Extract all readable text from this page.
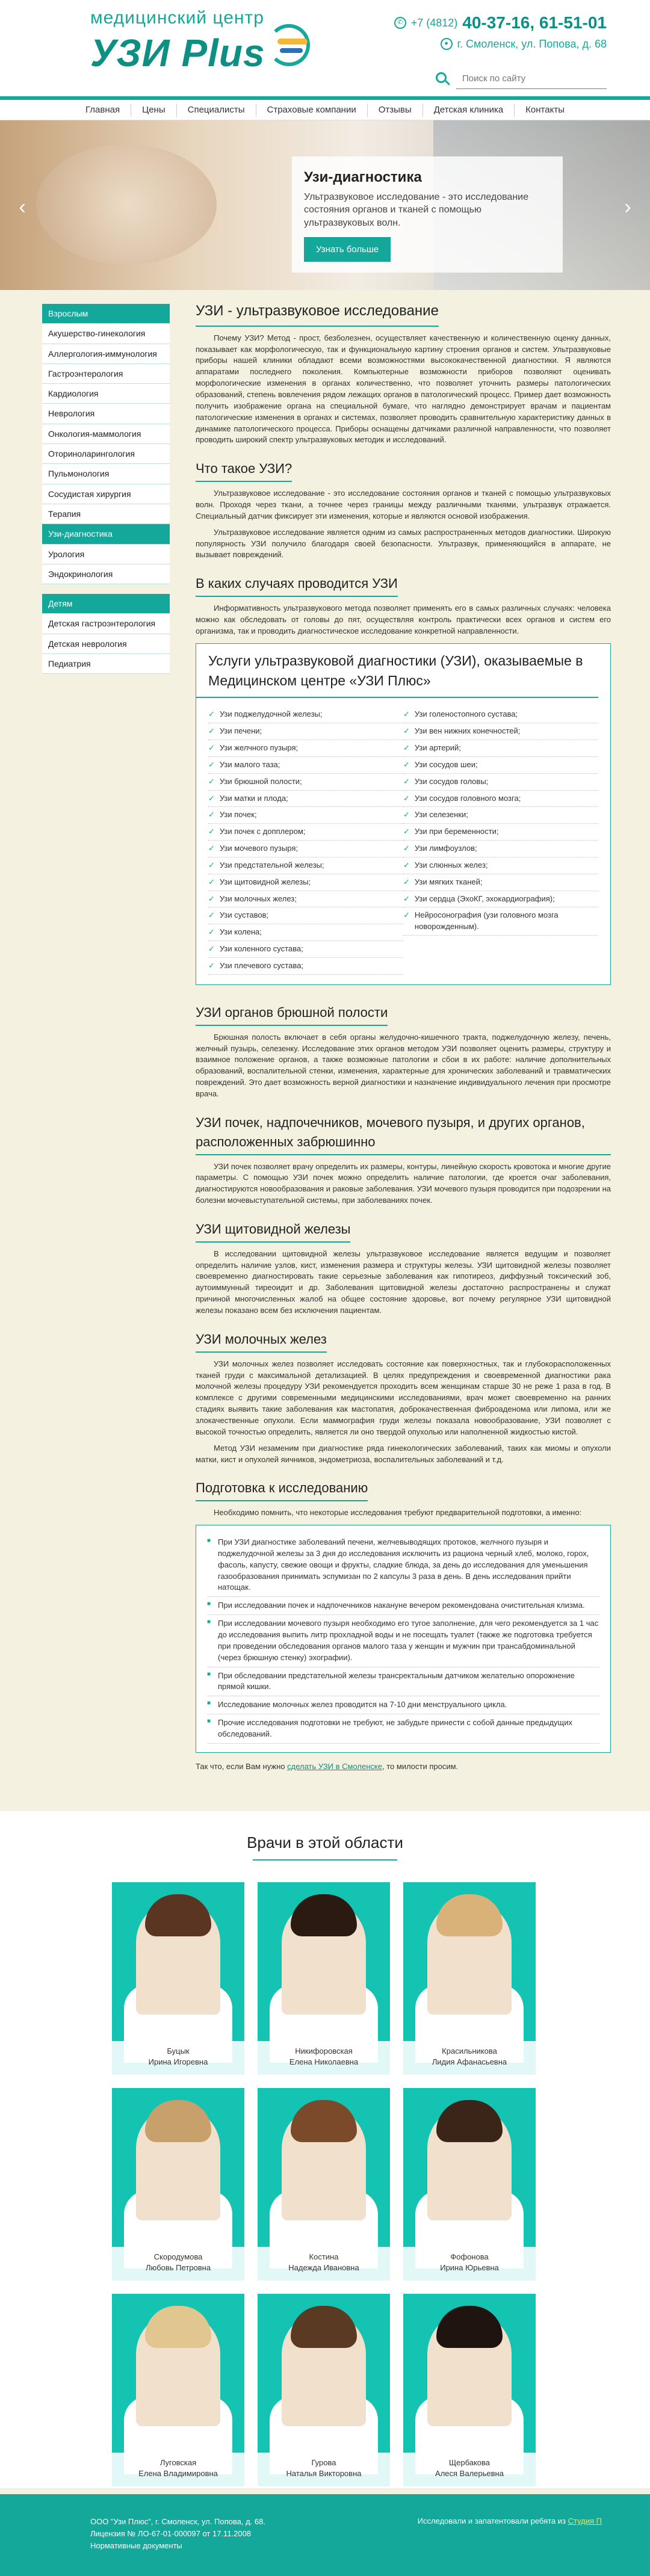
медицинский центр
УЗИ Plus
✆ +7 (4812) 40-37-16, 61-51-01
● г. Смоленск, ул. Попова, д. 68
Поиск по сайту
Главная	Цены	Специалисты	Страховые компании	Отзывы	Детская клиника	Контакты
‹	›
Узи-диагностика

Ультразвуковое исследование - это исследование состояния органов и тканей с помощью ультразвуковых волн.

Узнать больше
Взрослым
Акушерство-гинекология
Аллергология-иммунология
Гастроэнтерология
Кардиология
Неврология
Онкология-маммология
Оториноларингология
Пульмонология
Сосудистая хирургия
Терапия
Узи-диагностика
Урология
Эндокринология
Детям
Детская гастроэнтерология
Детская неврология
Педиатрия
УЗИ - ультразвуковое исследование

Почему УЗИ? Метод - прост, безболезнен, осуществляет качественную и количественную оценку данных, показывает как морфологическую, так и функциональную картину строения органов и систем. Ультразвуковые приборы нашей клиники обладают всеми возможностями высококачественной диагностики. Я являются аппаратами последнего поколения. Компьютерные возможности приборов позволяют оценивать морфологические изменения в органах количественно, что позволяет уточнить размеры патологических образований, степень вовлечения рядом лежащих органов в патологический процесс. Пример дает возможность получить изображение органа на специальной бумаге, что наглядно демонстрирует врачам и пациентам патологические изменения в органах и системах, позволяет проводить сравнительную характеристику данных в динамике патологического процесса. Приборы оснащены датчиками различной направленности, что позволяет проводить широкий спектр ультразвуковых методик и исследований.

Что такое УЗИ?

Ультразвуковое исследование - это исследование состояния органов и тканей с помощью ультразвуковых волн. Проходя через ткани, а точнее через границы между различными тканями, ультразвук отражается. Специальный датчик фиксирует эти изменения, которые и являются основой изображения.

Ультразвуковое исследование является одним из самых распространенных методов диагностики. Широкую популярность УЗИ получило благодаря своей безопасности. Ультразвук, применяющийся в аппарате, не вызывает повреждений.

В каких случаях проводится УЗИ

Информативность ультразвукового метода позволяет применять его в самых различных случаях: человека можно как обследовать от головы до пят, осуществляя контроль практически всех органов и систем его организма, так и проводить диагностическое исследование конкретной направленности.

Услуги ультразвуковой диагностики (УЗИ), оказываемые в Медицинском центре «УЗИ Плюс»
✓ Узи поджелудочной железы;
✓ Узи печени;
✓ Узи желчного пузыря;
✓ Узи малого таза;
✓ Узи брюшной полости;
✓ Узи матки и плода;
✓ Узи почек;
✓ Узи почек с допплером;
✓ Узи мочевого пузыря;
✓ Узи предстательной железы;
✓ Узи щитовидной железы;
✓ Узи молочных желез;
✓ Узи суставов;
✓ Узи колена;
✓ Узи коленного сустава;
✓ Узи плечевого сустава;
✓ Узи голеностопного сустава;
✓ Узи вен нижних конечностей;
✓ Узи артерий;
✓ Узи сосудов шеи;
✓ Узи сосудов головы;
✓ Узи сосудов головного мозга;
✓ Узи селезенки;
✓ Узи при беременности;
✓ Узи лимфоузлов;
✓ Узи слюнных желез;
✓ Узи мягких тканей;
✓ Узи сердца (ЭхоКГ, эхокардиография);
✓ Нейросонография (узи головного мозга новорожденным).
УЗИ органов брюшной полости

Брюшная полость включает в себя органы желудочно-кишечного тракта, поджелудочную железу, печень, желчный пузырь, селезенку. Исследование этих органов методом УЗИ позволяет оценить размеры, структуру и взаимное положение органов, а также возможные патологии и сбои в их работе: наличие дополнительных образований, воспалительной стенки, изменения, характерные для хронических заболеваний и травматических повреждений. Это дает возможность верной диагностики и назначение индивидуального лечения при просмотре врача.

УЗИ почек, надпочечников, мочевого пузыря, и других органов, расположенных забрюшинно

УЗИ почек позволяет врачу определить их размеры, контуры, линейную скорость кровотока и многие другие параметры. С помощью УЗИ почек можно определить наличие патологии, где кроется очаг заболевания, диагностируются новообразования и раковые заболевания. УЗИ мочевого пузыря проводится при подозрении на болезни мочевыступательной системы, при заболеваниях почек.

УЗИ щитовидной железы

В исследовании щитовидной железы ультразвуковое исследование является ведущим и позволяет определить наличие узлов, кист, изменения размера и структуры железы. УЗИ щитовидной железы позволяет своевременно диагностировать такие серьезные заболевания как гипотиреоз, диффузный токсический зоб, аутоиммунный тиреоидит и др. Заболевания щитовидной железы достаточно распространены и служат причиной многочисленных жалоб на общее состояние здоровье, вот почему регулярное УЗИ щитовидной железы показано всем без исключения пациентам.

УЗИ молочных желез

УЗИ молочных желез позволяет исследовать состояние как поверхностных, так и глубокорасположенных тканей груди с максимальной детализацией. В целях предупреждения и своевременной диагностики рака молочной железы процедуру УЗИ рекомендуется проходить всем женщинам старше 30 не реже 1 раза в год. В комплексе с другими современными медицинскими исследованиями, врач может своевременно на ранних стадиях выявить такие заболевания как мастопатия, доброкачественная фиброаденома или липома, или же злокачественные опухоли. Если маммография груди железы показала новообразование, УЗИ позволяет с высокой точностью определить, является ли оно твердой опухолью или наполненной жидкостью кистой.

Метод УЗИ незаменим при диагностике ряда гинекологических заболеваний, таких как миомы и опухоли матки, кист и опухолей яичников, эндометриоза, воспалительных заболеваний и т.д.

Подготовка к исследованию

Необходимо помнить, что некоторые исследования требуют предварительной подготовки, а именно:

■ При УЗИ диагностике заболеваний печени, желчевыводящих протоков, желчного пузыря и поджелудочной железы за 3 дня до исследования исключить из рациона черный хлеб, молоко, горох, фасоль, капусту, свежие овощи и фрукты, сладкие блюда, за день до исследования для уменьшения газообразования принимать эспумизан по 2 капсулы 3 раза в день. В день исследования прийти натощак.
■ При исследовании почек и надпочечников накануне вечером рекомендована очистительная клизма.
■ При исследовании мочевого пузыря необходимо его тугое заполнение, для чего рекомендуется за 1 час до исследования выпить литр прохладной воды и не посещать туалет (также же подготовка требуется при проведении обследования органов малого таза у женщин и мужчин при трансабдоминальной (через брюшную стенку) эхографии).
■ При обследовании предстательной железы трансректальным датчиком желательно опорожнение прямой кишки.
■ Исследование молочных желез проводится на 7-10 дни менструального цикла.
■ Прочие исследования подготовки не требуют, не забудьте принести с собой данные предыдущих обследований.

Так что, если Вам нужно сделать УЗИ в Смоленске, то милости просим.

Врачи в этой области
Буцык
Ирина Игоревна
Никифоровская
Елена Николаевна
Красильникова
Лидия Афанасьевна
Скородумова
Любовь Петровна
Костина
Надежда Ивановна
Фофонова
Ирина Юрьевна
Луговская
Елена Владимировна
Гурова
Наталья Викторовна
Щербакова
Алеся Валерьевна
ООО "Узи Плюс", г. Смоленск, ул. Попова, д. 68.
Лицензия № ЛО-67-01-000097 от 17.11.2008
Нормативные документы
Исследовали и запатентовали ребята из Студия П
